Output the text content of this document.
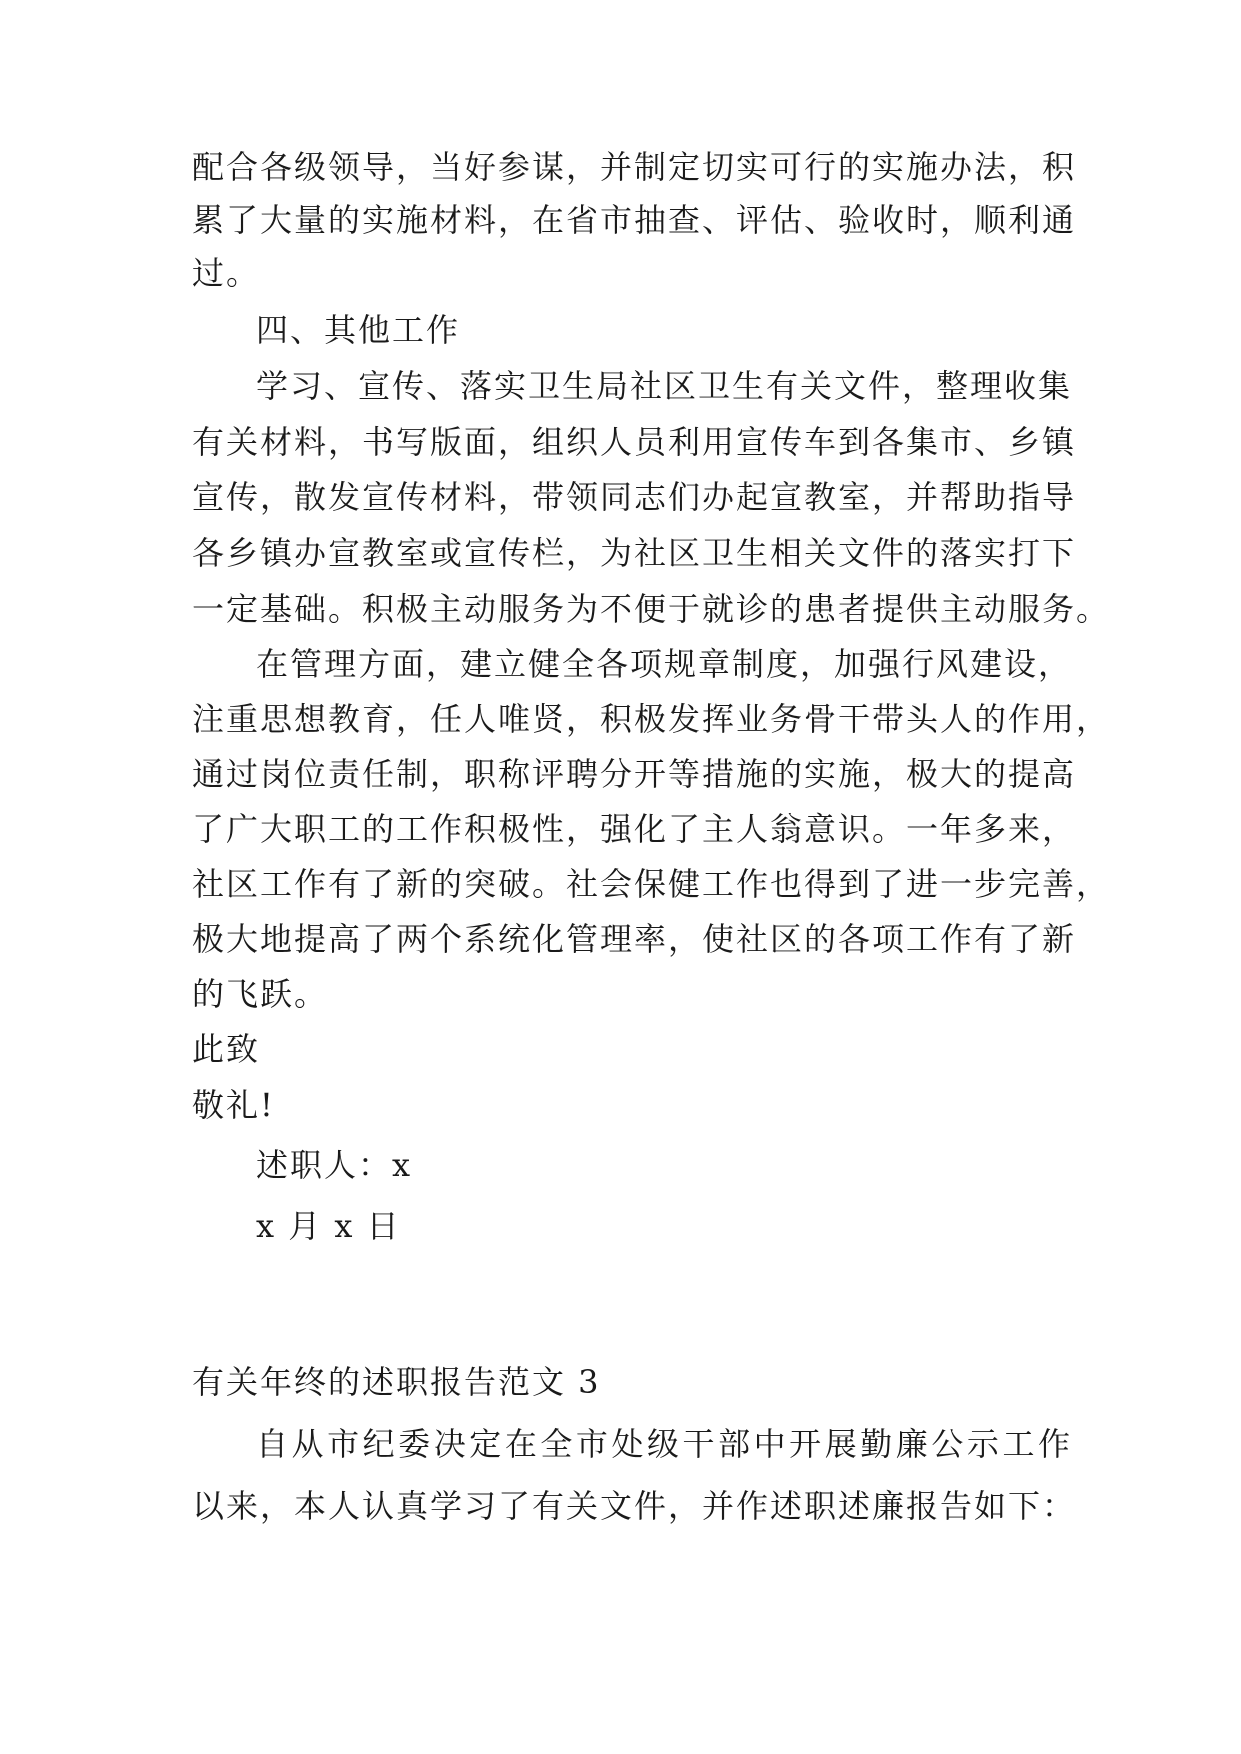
配合各级领导，当好参谋，并制定切实可行的实施办法，积
累了大量的实施材料，在省市抽查、评估、验收时，顺利通
过。
四、其他工作
学习、宣传、落实卫生局社区卫生有关文件，整理收集
有关材料，书写版面，组织人员利用宣传车到各集市、乡镇
宣传，散发宣传材料，带领同志们办起宣教室，并帮助指导
各乡镇办宣教室或宣传栏，为社区卫生相关文件的落实打下
一定基础。积极主动服务为不便于就诊的患者提供主动服务。
在管理方面，建立健全各项规章制度，加强行风建设，
注重思想教育，任人唯贤，积极发挥业务骨干带头人的作用，
通过岗位责任制，职称评聘分开等措施的实施，极大的提高
了广大职工的工作积极性，强化了主人翁意识。一年多来，
社区工作有了新的突破。社会保健工作也得到了进一步完善，
极大地提高了两个系统化管理率，使社区的各项工作有了新
的飞跃。
此致
敬礼!
述职人：x
x 月 x 日
有关年终的述职报告范文 3
自从市纪委决定在全市处级干部中开展勤廉公示工作
以来，本人认真学习了有关文件，并作述职述廉报告如下：
